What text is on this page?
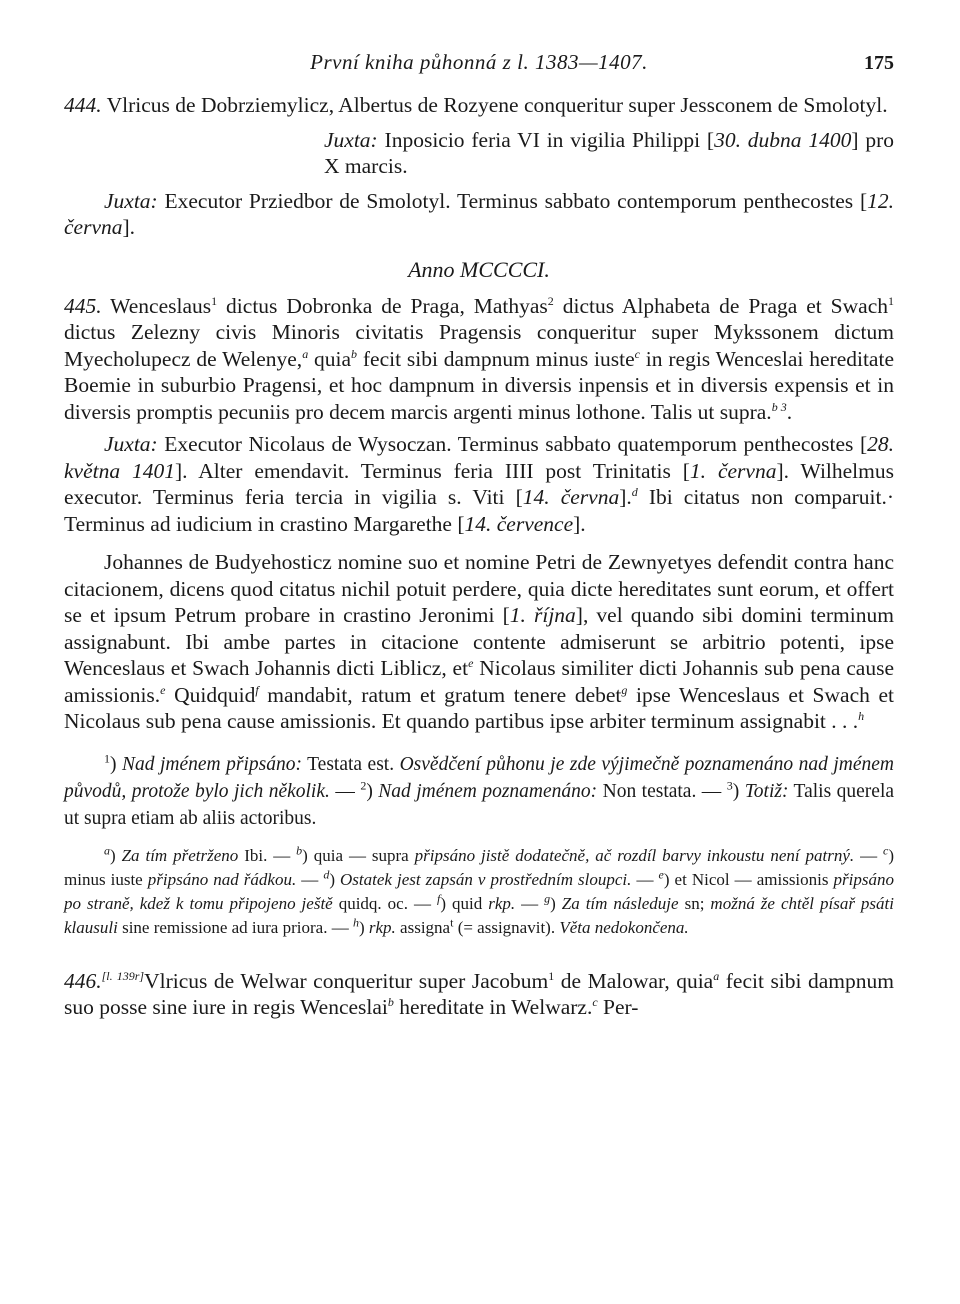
První kniha půhonná z l. 1383—1407.	175

444. Vlricus de Dobrziemylicz, Albertus de Rozyene conqueritur super Jessconem de Smolotyl.

Juxta: Inposicio feria VI in vigilia Philippi [30. dubna 1400] pro X marcis.

Juxta: Executor Prziedbor de Smolotyl. Terminus sabbato contemporum penthecostes [12. června].

Anno MCCCCI.

445. Wenceslaus$^1$ dictus Dobronka de Praga, Mathyas$^2$ dictus Alphabeta de Praga et Swach$^1$ dictus Zelezny civis Minoris civitatis Pragensis conqueritur super Mykssonem dictum Myecholupecz de Welenye,$^a$ quia$^b$ fecit sibi dampnum minus iuste$^c$ in regis Wenceslai hereditate Boemie in suburbio Pragensi, et hoc dampnum in diversis inpensis et in diversis expensis et in diversis promptis pecuniis pro decem marcis argenti minus lothone. Talis ut supra.$^{b 3}$.

Juxta: Executor Nicolaus de Wysoczan. Terminus sabbato quatemporum penthecostes [28. května 1401]. Alter emendavit. Terminus feria IIII post Trinitatis [1. června]. Wilhelmus executor. Terminus feria tercia in vigilia s. Viti [14. června].$^d$ Ibi citatus non comparuit.· Terminus ad iudicium in crastino Margarethe [14. července].

Johannes de Budyehosticz nomine suo et nomine Petri de Zewnyetyes defendit contra hanc citacionem, dicens quod citatus nichil potuit perdere, quia dicte hereditates sunt eorum, et offert se et ipsum Petrum probare in crastino Jeronimi [1. října], vel quando sibi domini terminum assignabunt. Ibi ambe partes in citacione contente admiserunt se arbitrio potenti, ipse Wenceslaus et Swach Johannis dicti Liblicz, $et^e$ Nicolaus similiter dicti Johannis sub pena cause amissionis.$^e$ Quidquid$^f$ mandabit, ratum et gratum tenere debet$^g$ ipse Wenceslaus et Swach et Nicolaus sub pena cause amissionis. Et quando partibus ipse arbiter terminum assignabit . . .$^h$

$^1$) Nad jménem připsáno: Testata est. Osvědčení půhonu je zde výjimečně poznamenáno nad jménem původů, protože bylo jich několik. — $^2$) Nad jménem poznamenáno: Non testata. — $^3$) Totiž: Talis querela ut supra etiam ab aliis actoribus.

$^a$) Za tím přetrženo Ibi. — $^b$) quia — supra připsáno jistě dodatečně, ač rozdíl barvy inkoustu není patrný. — $^c$) minus iuste připsáno nad řádkou. — $^d$) Ostatek jest zapsán v prostředním sloupci. — $^e$) et Nicol — amissionis připsáno po straně, kdež k tomu připojeno ještě quidq. oc. — $^f$) quid rkp. — $^g$) Za tím následuje sn; možná že chtěl písař psáti klausuli sine remissione ad iura priora. — $^h$) rkp. assigna$^t$ (= assignavit). Věta nedokončena.

446.[l. 139r]Vlricus de Welwar conqueritur super Jacobum$^1$ de Malowar, quia$^a$ fecit sibi dampnum suo posse sine iure in regis Wenceslai$^b$ hereditate in Welwarz.$^c$ Per-
